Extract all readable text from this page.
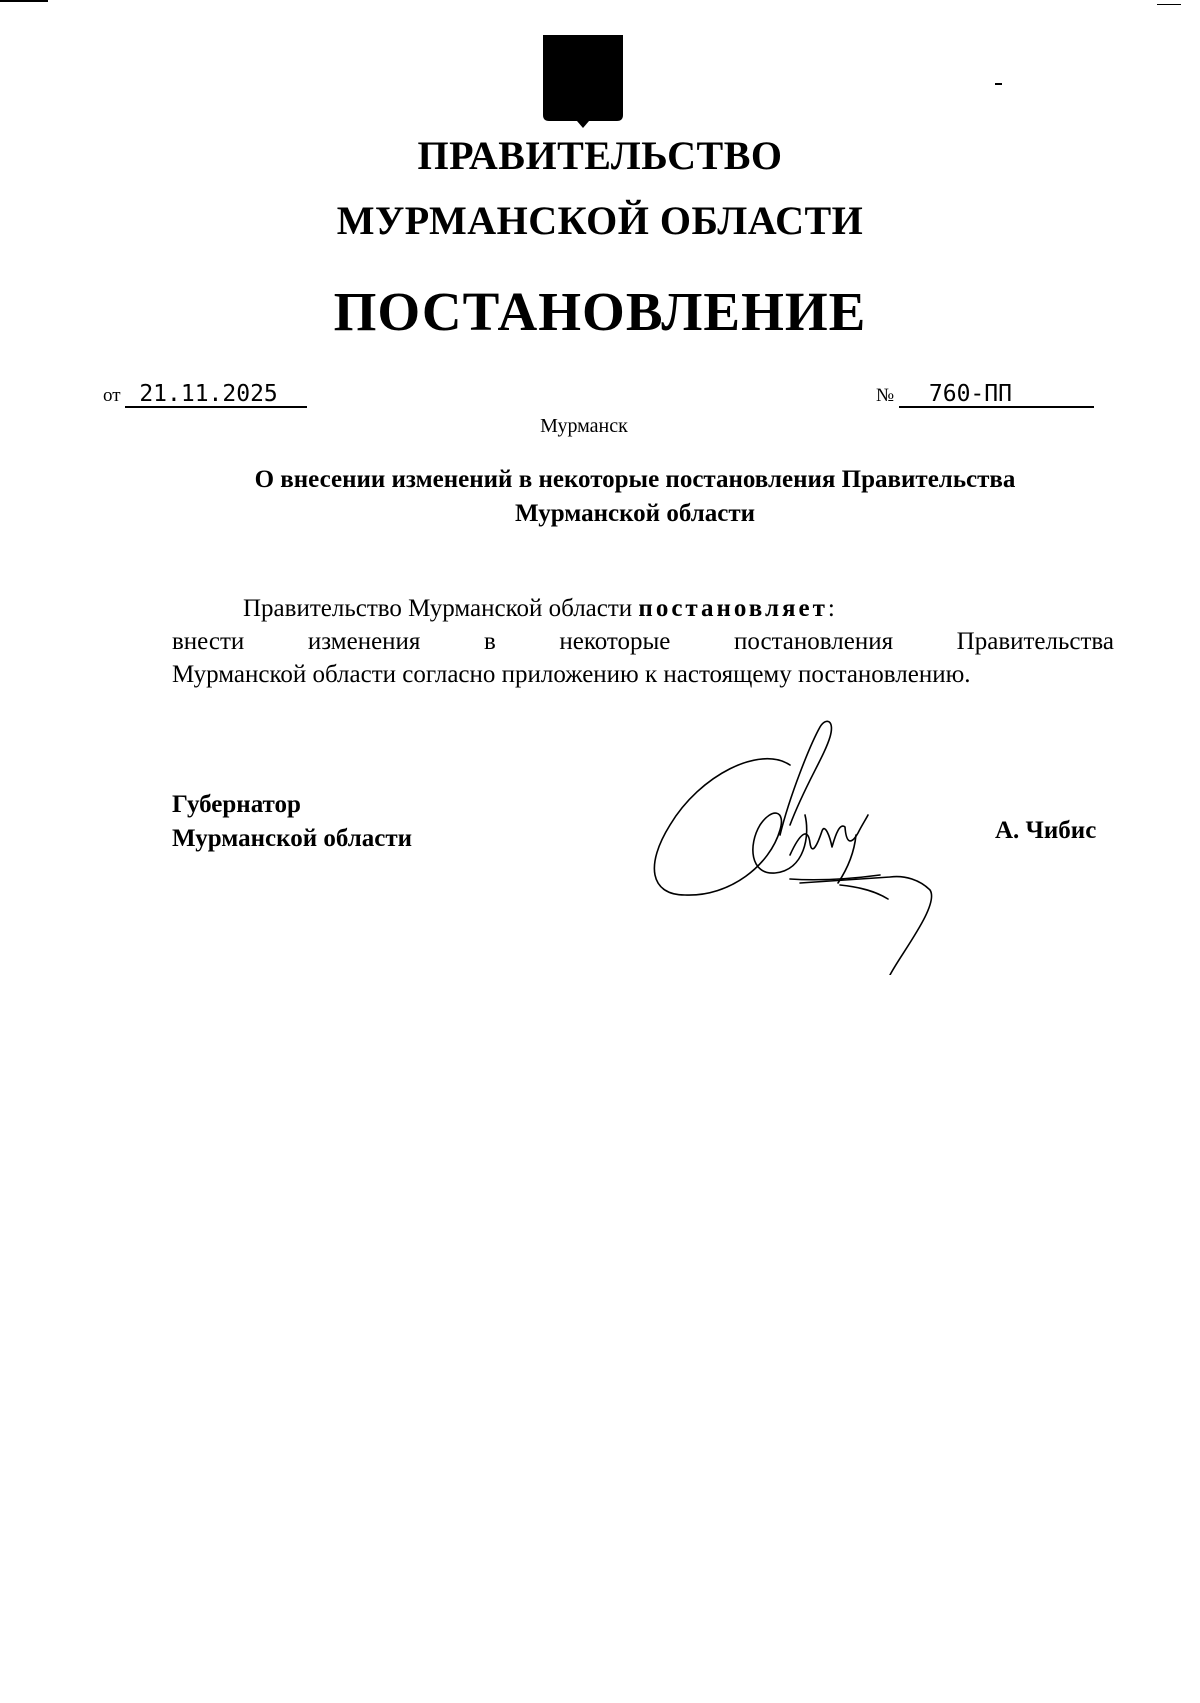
ПРАВИТЕЛЬСТВО
МУРМАНСКОЙ ОБЛАСТИ
ПОСТАНОВЛЕНИЕ
от 21.11.2025	№ 760-ПП
Мурманск
О внесении изменений в некоторые постановления Правительства
Мурманской области
Правительство Мурманской области постановляет:
внести изменения в некоторые постановления Правительства
Мурманской области согласно приложению к настоящему постановлению.
Губернатор
Мурманской области	А. Чибис
